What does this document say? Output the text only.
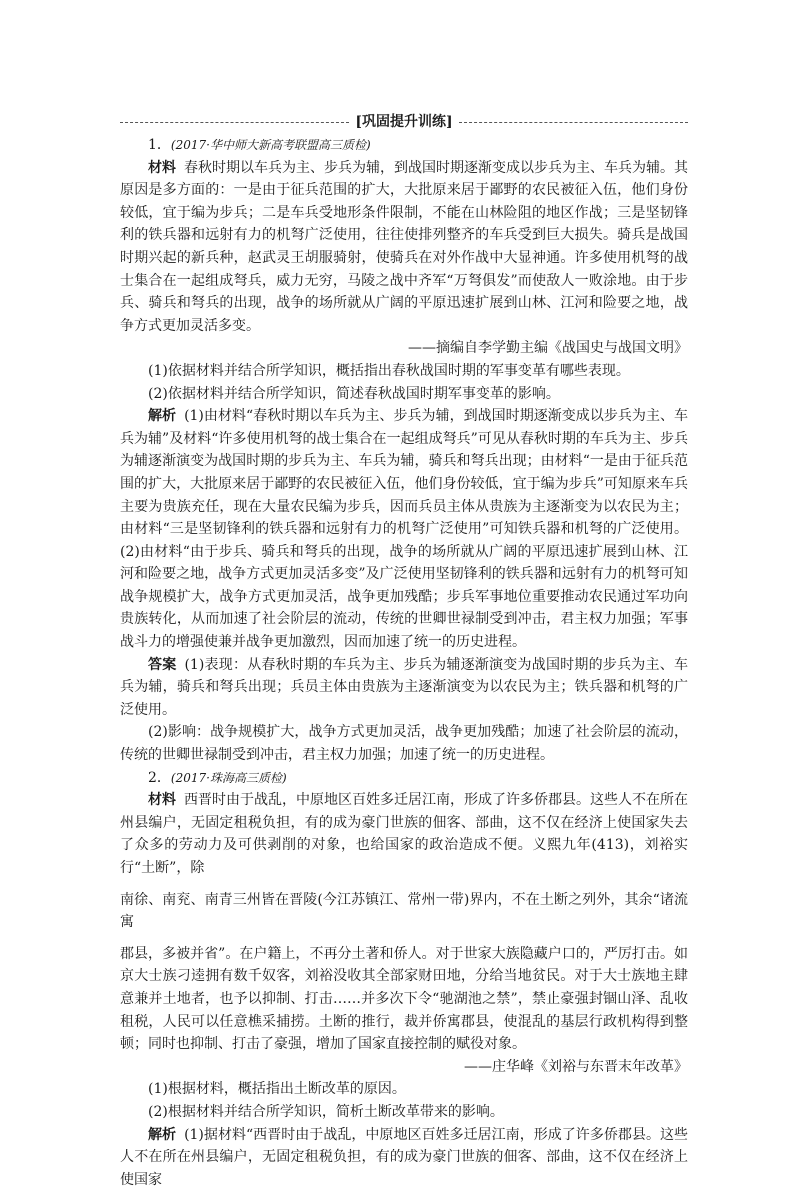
[巩固提升训练]

1．(2017·华中师大新高考联盟高三质检)

材料 春秋时期以车兵为主、步兵为辅，到战国时期逐渐变成以步兵为主、车兵为辅。其原因是多方面的：一是由于征兵范围的扩大，大批原来居于鄙野的农民被征入伍，他们身份较低，宜于编为步兵；二是车兵受地形条件限制，不能在山林险阻的地区作战；三是坚韧锋利的铁兵器和远射有力的机弩广泛使用，往往使排列整齐的车兵受到巨大损失。骑兵是战国时期兴起的新兵种，赵武灵王胡服骑射，使骑兵在对外作战中大显神通。许多使用机弩的战士集合在一起组成弩兵，威力无穷，马陵之战中齐军“万弩俱发”而使敌人一败涂地。由于步兵、骑兵和弩兵的出现，战争的场所就从广阔的平原迅速扩展到山林、江河和险要之地，战争方式更加灵活多变。

——摘编自李学勤主编《战国史与战国文明》

(1)依据材料并结合所学知识，概括指出春秋战国时期的军事变革有哪些表现。

(2)依据材料并结合所学知识，简述春秋战国时期军事变革的影响。

解析 (1)由材料“春秋时期以车兵为主、步兵为辅，到战国时期逐渐变成以步兵为主、车兵为辅”及材料“许多使用机弩的战士集合在一起组成弩兵”可见从春秋时期的车兵为主、步兵为辅逐渐演变为战国时期的步兵为主、车兵为辅，骑兵和弩兵出现；由材料“一是由于征兵范围的扩大，大批原来居于鄙野的农民被征入伍，他们身份较低，宜于编为步兵”可知原来车兵主要为贵族充任，现在大量农民编为步兵，因而兵员主体从贵族为主逐渐变为以农民为主；由材料“三是坚韧锋利的铁兵器和远射有力的机弩广泛使用”可知铁兵器和机弩的广泛使用。(2)由材料“由于步兵、骑兵和弩兵的出现，战争的场所就从广阔的平原迅速扩展到山林、江河和险要之地，战争方式更加灵活多变”及广泛使用坚韧锋利的铁兵器和远射有力的机弩可知战争规模扩大，战争方式更加灵活，战争更加残酷；步兵军事地位重要推动农民通过军功向贵族转化，从而加速了社会阶层的流动，传统的世卿世禄制受到冲击，君主权力加强；军事战斗力的增强使兼并战争更加激烈，因而加速了统一的历史进程。

答案 (1)表现：从春秋时期的车兵为主、步兵为辅逐渐演变为战国时期的步兵为主、车兵为辅，骑兵和弩兵出现；兵员主体由贵族为主逐渐演变为以农民为主；铁兵器和机弩的广泛使用。

(2)影响：战争规模扩大，战争方式更加灵活，战争更加残酷；加速了社会阶层的流动，传统的世卿世禄制受到冲击，君主权力加强；加速了统一的历史进程。

2．(2017·珠海高三质检)

材料 西晋时由于战乱，中原地区百姓多迁居江南，形成了许多侨郡县。这些人不在所在州县编户，无固定租税负担，有的成为豪门世族的佃客、部曲，这不仅在经济上使国家失去了众多的劳动力及可供剥削的对象，也给国家的政治造成不便。义熙九年(413)，刘裕实行“土断”，除

南徐、南兖、南青三州皆在晋陵(今江苏镇江、常州一带)界内，不在土断之列外，其余“诸流寓

郡县，多被并省”。在户籍上，不再分土著和侨人。对于世家大族隐藏户口的，严厉打击。如京大士族刁逵拥有数千奴客，刘裕没收其全部家财田地，分给当地贫民。对于大士族地主肆意兼并土地者，也予以抑制、打击……并多次下令“驰湖池之禁”，禁止豪强封锢山泽、乱收租税，人民可以任意樵采捕捞。土断的推行，裁并侨寓郡县，使混乱的基层行政机构得到整顿；同时也抑制、打击了豪强，增加了国家直接控制的赋役对象。

——庄华峰《刘裕与东晋末年改革》

(1)根据材料，概括指出土断改革的原因。

(2)根据材料并结合所学知识，简析土断改革带来的影响。

解析 (1)据材料“西晋时由于战乱，中原地区百姓多迁居江南，形成了许多侨郡县。这些人不在所在州县编户，无固定租税负担，有的成为豪门世族的佃客、部曲，这不仅在经济上使国家
